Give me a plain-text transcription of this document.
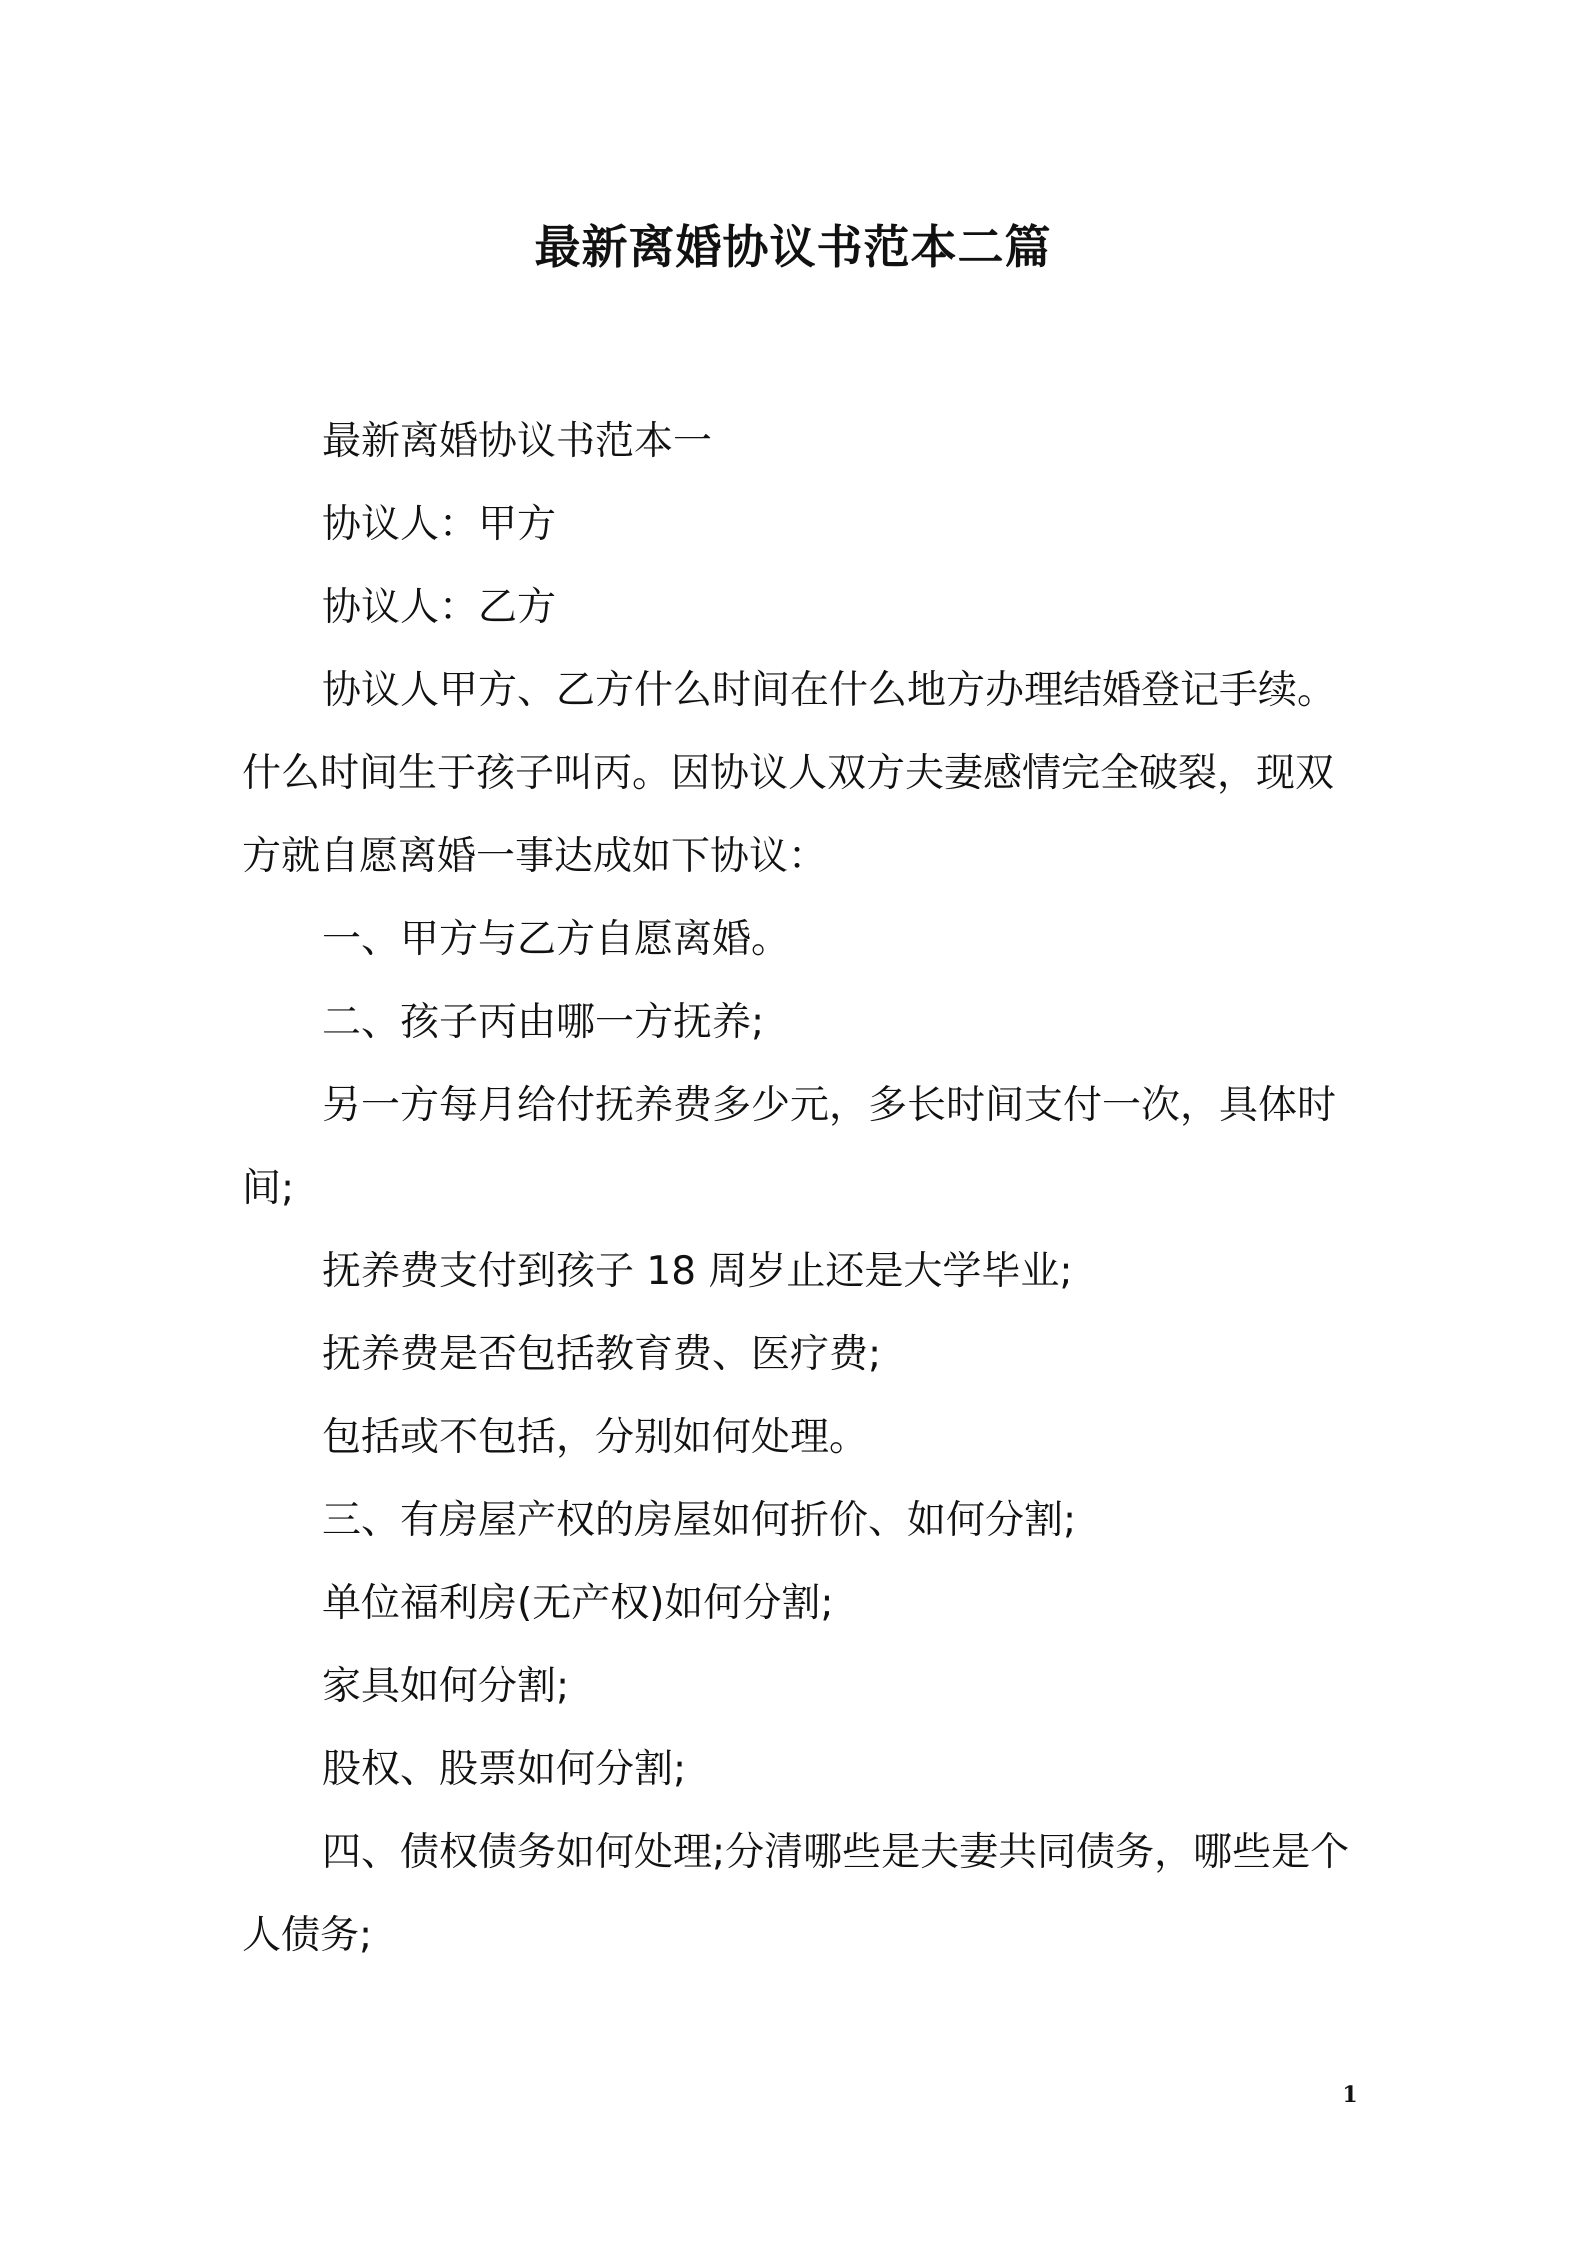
最新离婚协议书范本二篇

最新离婚协议书范本一

协议人：甲方

协议人：乙方

协议人甲方、乙方什么时间在什么地方办理结婚登记手续。什么时间生于孩子叫丙。因协议人双方夫妻感情完全破裂，现双方就自愿离婚一事达成如下协议：

一、甲方与乙方自愿离婚。

二、孩子丙由哪一方抚养;

另一方每月给付抚养费多少元，多长时间支付一次，具体时间;

抚养费支付到孩子 18 周岁止还是大学毕业;

抚养费是否包括教育费、医疗费;

包括或不包括，分别如何处理。

三、有房屋产权的房屋如何折价、如何分割;

单位福利房(无产权)如何分割;

家具如何分割;

股权、股票如何分割;

四、债权债务如何处理;分清哪些是夫妻共同债务，哪些是个人债务;

1
